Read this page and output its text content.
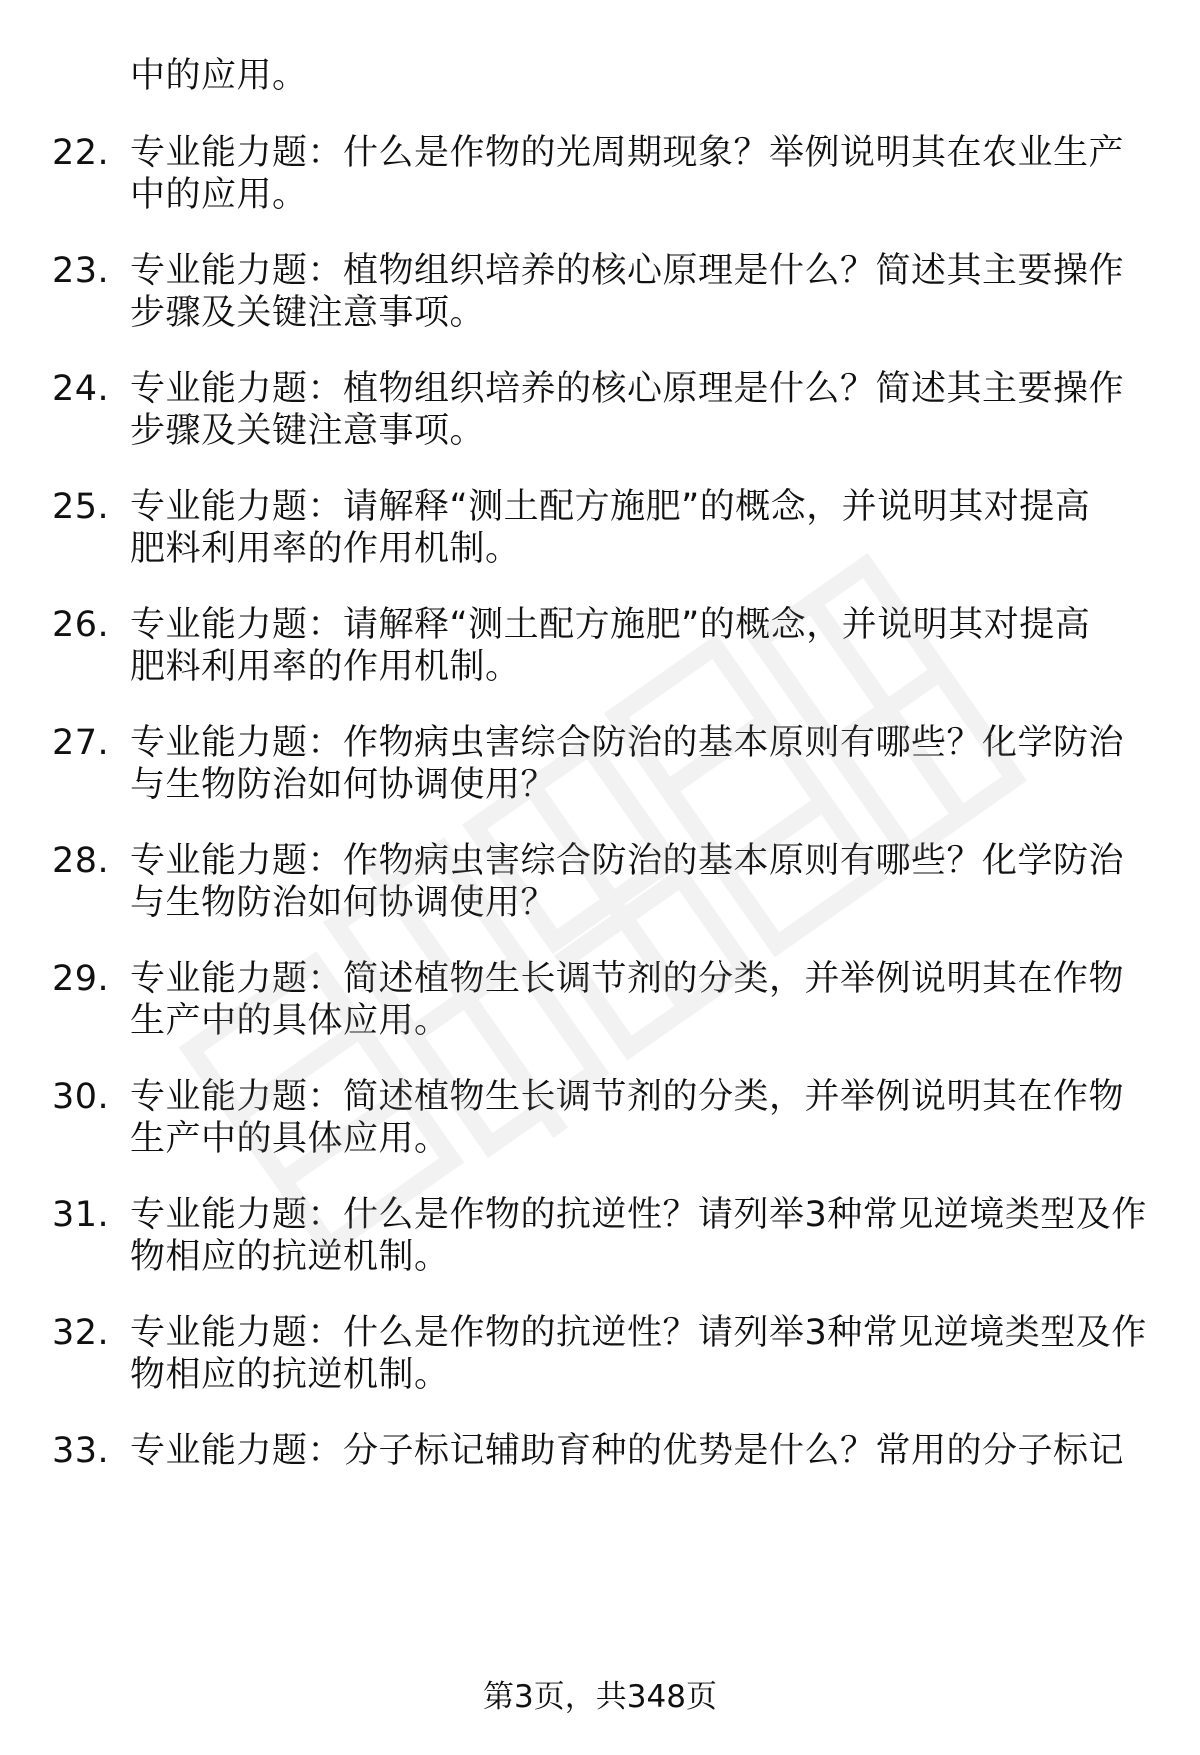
中的应用。
22. 专业能力题：什么是作物的光周期现象？举例说明其在农业生产
中的应用。
23. 专业能力题：植物组织培养的核心原理是什么？简述其主要操作
步骤及关键注意事项。
24. 专业能力题：植物组织培养的核心原理是什么？简述其主要操作
步骤及关键注意事项。
25. 专业能力题：请解释“测土配方施肥”的概念，并说明其对提高
肥料利用率的作用机制。
26. 专业能力题：请解释“测土配方施肥”的概念，并说明其对提高
肥料利用率的作用机制。
27. 专业能力题：作物病虫害综合防治的基本原则有哪些？化学防治
与生物防治如何协调使用？
28. 专业能力题：作物病虫害综合防治的基本原则有哪些？化学防治
与生物防治如何协调使用？
29. 专业能力题：简述植物生长调节剂的分类，并举例说明其在作物
生产中的具体应用。
30. 专业能力题：简述植物生长调节剂的分类，并举例说明其在作物
生产中的具体应用。
31. 专业能力题：什么是作物的抗逆性？请列举3种常见逆境类型及作
物相应的抗逆机制。
32. 专业能力题：什么是作物的抗逆性？请列举3种常见逆境类型及作
物相应的抗逆机制。
33. 专业能力题：分子标记辅助育种的优势是什么？常用的分子标记
第3页，共348页
